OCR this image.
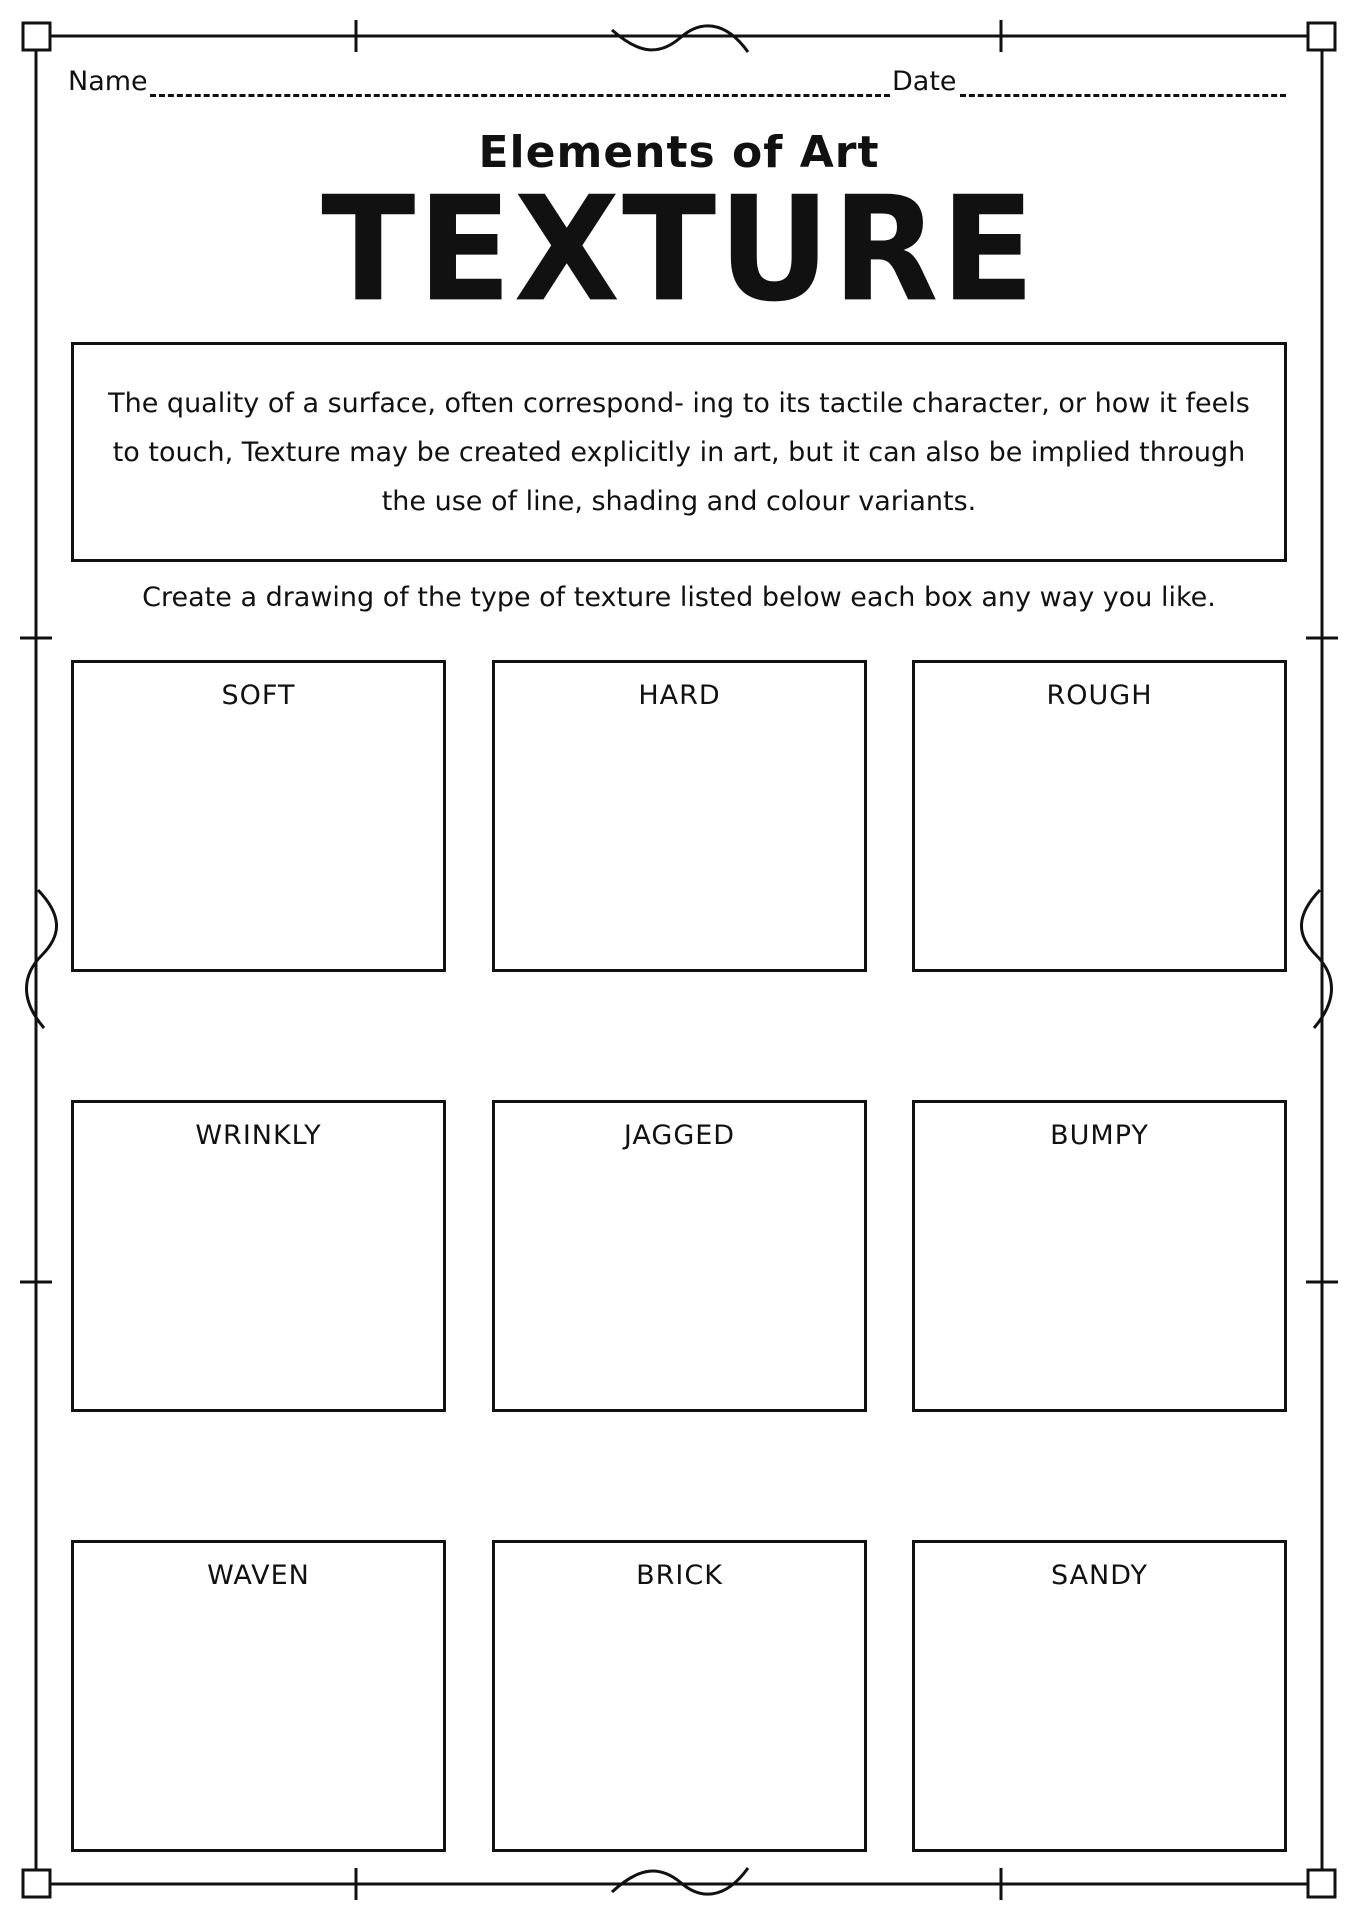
Name	Date
Elements of Art
TEXTURE

The quality of a surface, often correspond- ing to its tactile character, or how it feels to touch, Texture may be created explicitly in art, but it can also be implied through the use of line, shading and colour variants.

Create a drawing of the type of texture listed below each box any way you like.
SOFT	HARD	ROUGH
WRINKLY	JAGGED	BUMPY
WAVEN	BRICK	SANDY
